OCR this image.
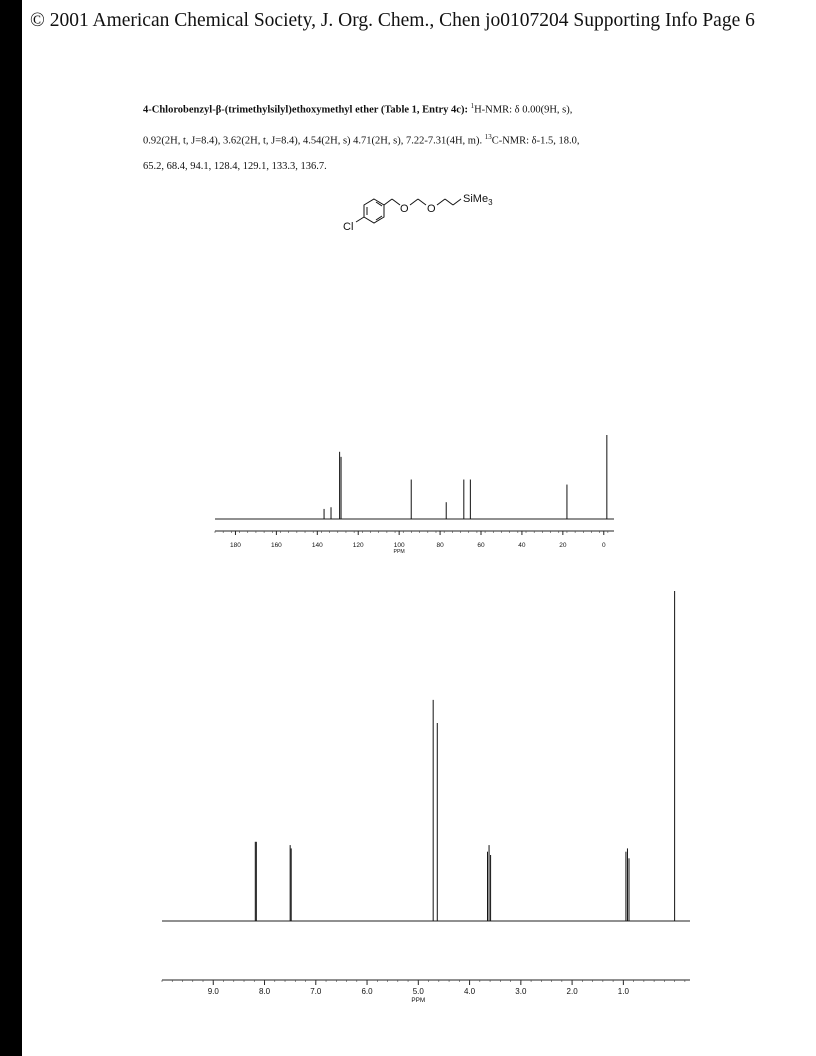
© 2001 American Chemical Society, J. Org. Chem., Chen jo0107204 Supporting Info Page 6
4-Chlorobenzyl-β-(trimethylsilyl)ethoxymethyl ether (Table 1, Entry 4c): $^1$H-NMR: δ 0.00(9H, s),
0.92(2H, t, J=8.4), 3.62(2H, t, J=8.4), 4.54(2H, s) 4.71(2H, s), 7.22-7.31(4H, m). $^{13}$C-NMR: δ-1.5, 18.0,
65.2, 68.4, 94.1, 128.4, 129.1, 133.3, 136.7.
O O
SiMe$_3$
Cl
180	160	140	120	100	80	60	40	20	0
PPM
9.0	8.0	7.0	6.0	5.0	4.0	3.0	2.0	1.0
PPM
